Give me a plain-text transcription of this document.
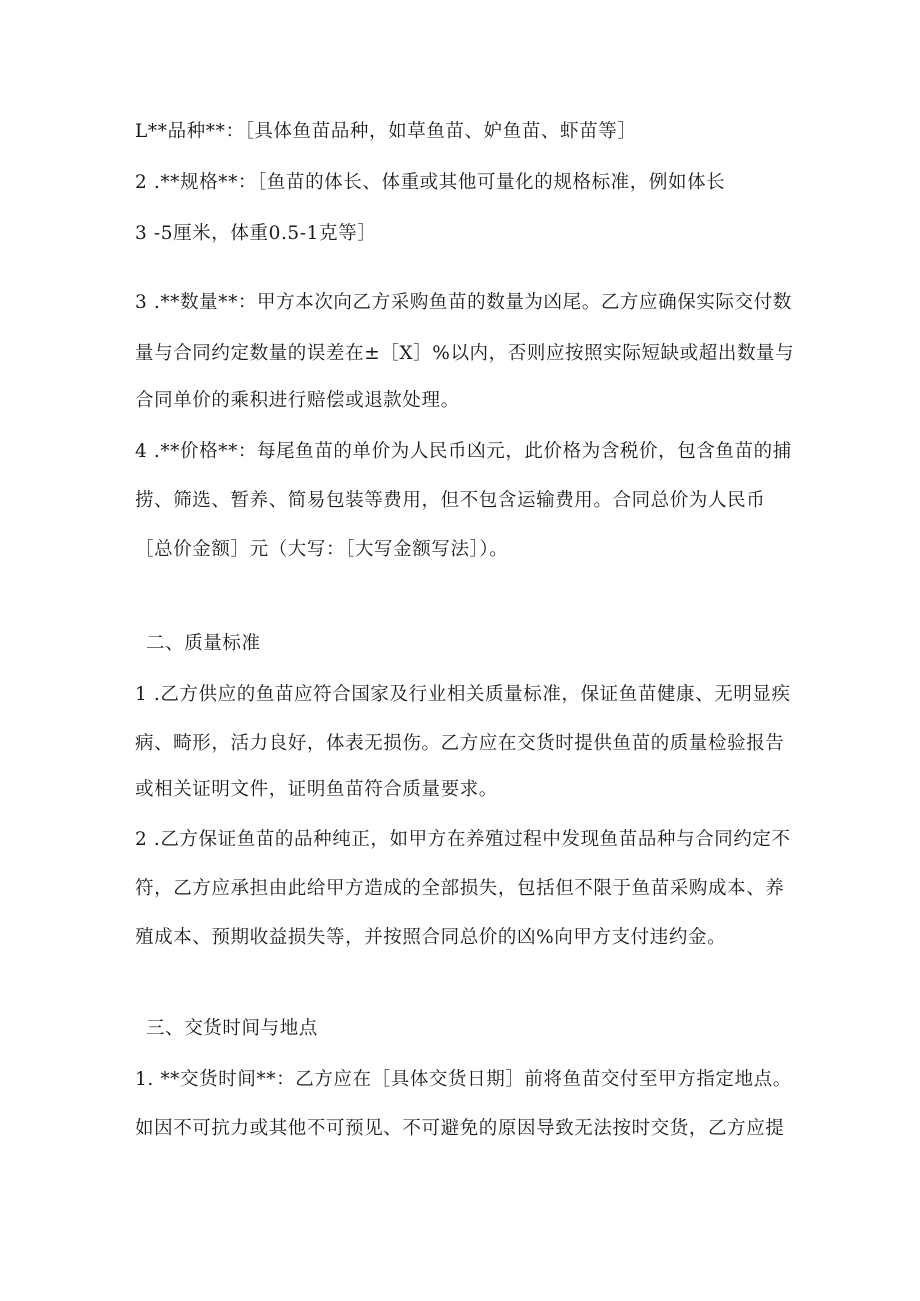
L**品种**：［具体鱼苗品种，如草鱼苗、妒鱼苗、虾苗等］
2 .**规格**：［鱼苗的体长、体重或其他可量化的规格标准，例如体长
3 -5厘米，体重0.5-1克等］
3 .**数量**：甲方本次向乙方采购鱼苗的数量为凶尾。乙方应确保实际交付数
量与合同约定数量的误差在±［X］%以内，否则应按照实际短缺或超出数量与
合同单价的乘积进行赔偿或退款处理。
4 .**价格**：每尾鱼苗的单价为人民币凶元，此价格为含税价，包含鱼苗的捕
捞、筛选、暂养、简易包装等费用，但不包含运输费用。合同总价为人民币
［总价金额］元（大写：［大写金额写法］）。
二、质量标准
1 .乙方供应的鱼苗应符合国家及行业相关质量标准，保证鱼苗健康、无明显疾
病、畸形，活力良好，体表无损伤。乙方应在交货时提供鱼苗的质量检验报告
或相关证明文件，证明鱼苗符合质量要求。
2 .乙方保证鱼苗的品种纯正，如甲方在养殖过程中发现鱼苗品种与合同约定不
符，乙方应承担由此给甲方造成的全部损失，包括但不限于鱼苗采购成本、养
殖成本、预期收益损失等，并按照合同总价的凶%向甲方支付违约金。
三、交货时间与地点
1. **交货时间**：乙方应在［具体交货日期］前将鱼苗交付至甲方指定地点。
如因不可抗力或其他不可预见、不可避免的原因导致无法按时交货，乙方应提
